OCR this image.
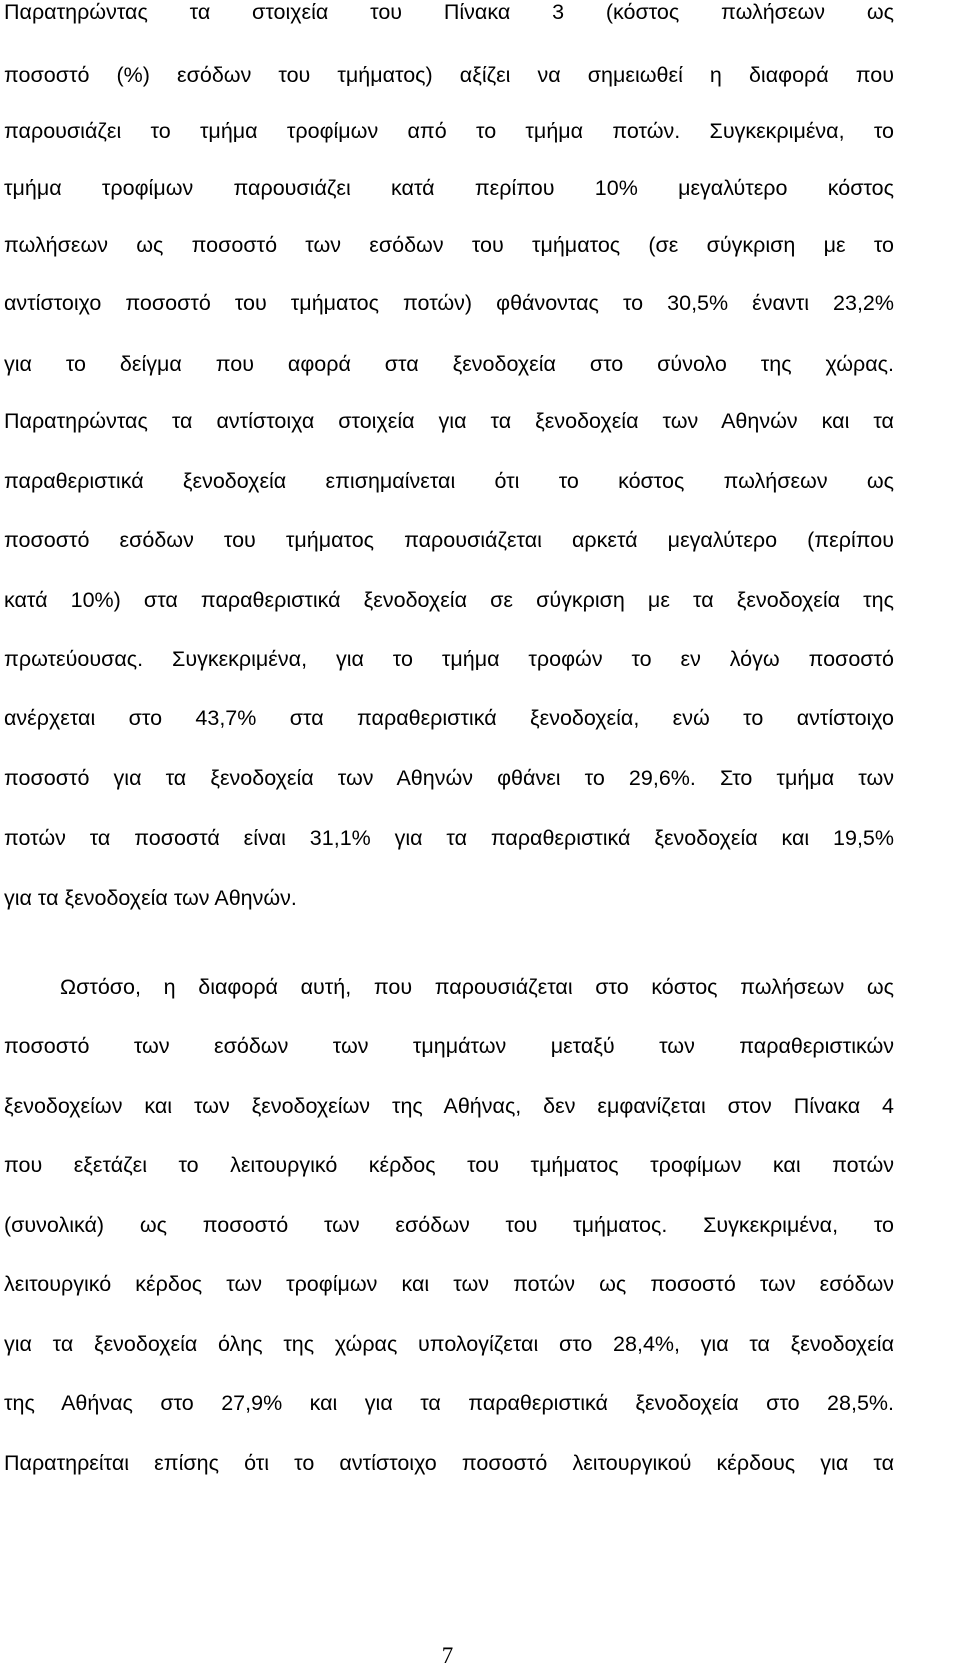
Παρατηρώντας τα στοιχεία του Πίνακα 3 (κόστος πωλήσεων ως
ποσοστό (%) εσόδων του τμήματος) αξίζει να σημειωθεί η διαφορά που
παρουσιάζει το τμήμα τροφίμων από το τμήμα ποτών. Συγκεκριμένα, το
τμήμα τροφίμων παρουσιάζει κατά περίπου 10% μεγαλύτερο κόστος
πωλήσεων ως ποσοστό των εσόδων του τμήματος (σε σύγκριση με το
αντίστοιχο ποσοστό του τμήματος ποτών) φθάνοντας το 30,5% έναντι 23,2%
για το δείγμα που αφορά στα ξενοδοχεία στο σύνολο της χώρας.
Παρατηρώντας τα αντίστοιχα στοιχεία για τα ξενοδοχεία των Αθηνών και τα
παραθεριστικά ξενοδοχεία επισημαίνεται ότι το κόστος πωλήσεων ως
ποσοστό εσόδων του τμήματος παρουσιάζεται αρκετά μεγαλύτερο (περίπου
κατά 10%) στα παραθεριστικά ξενοδοχεία σε σύγκριση με τα ξενοδοχεία της
πρωτεύουσας. Συγκεκριμένα, για το τμήμα τροφών το εν λόγω ποσοστό
ανέρχεται στο 43,7% στα παραθεριστικά ξενοδοχεία, ενώ το αντίστοιχο
ποσοστό για τα ξενοδοχεία των Αθηνών φθάνει το 29,6%. Στο τμήμα των
ποτών τα ποσοστά είναι 31,1% για τα παραθεριστικά ξενοδοχεία και 19,5%
για τα ξενοδοχεία των Αθηνών.
Ωστόσο, η διαφορά αυτή, που παρουσιάζεται στο κόστος πωλήσεων ως
ποσοστό των εσόδων των τμημάτων μεταξύ των παραθεριστικών
ξενοδοχείων και των ξενοδοχείων της Αθήνας, δεν εμφανίζεται στον Πίνακα 4
που εξετάζει το λειτουργικό κέρδος του τμήματος τροφίμων και ποτών
(συνολικά) ως ποσοστό των εσόδων του τμήματος. Συγκεκριμένα, το
λειτουργικό κέρδος των τροφίμων και των ποτών ως ποσοστό των εσόδων
για τα ξενοδοχεία όλης της χώρας υπολογίζεται στο 28,4%, για τα ξενοδοχεία
της Αθήνας στο 27,9% και για τα παραθεριστικά ξενοδοχεία στο 28,5%.
Παρατηρείται επίσης ότι το αντίστοιχο ποσοστό λειτουργικού κέρδους για τα
7
